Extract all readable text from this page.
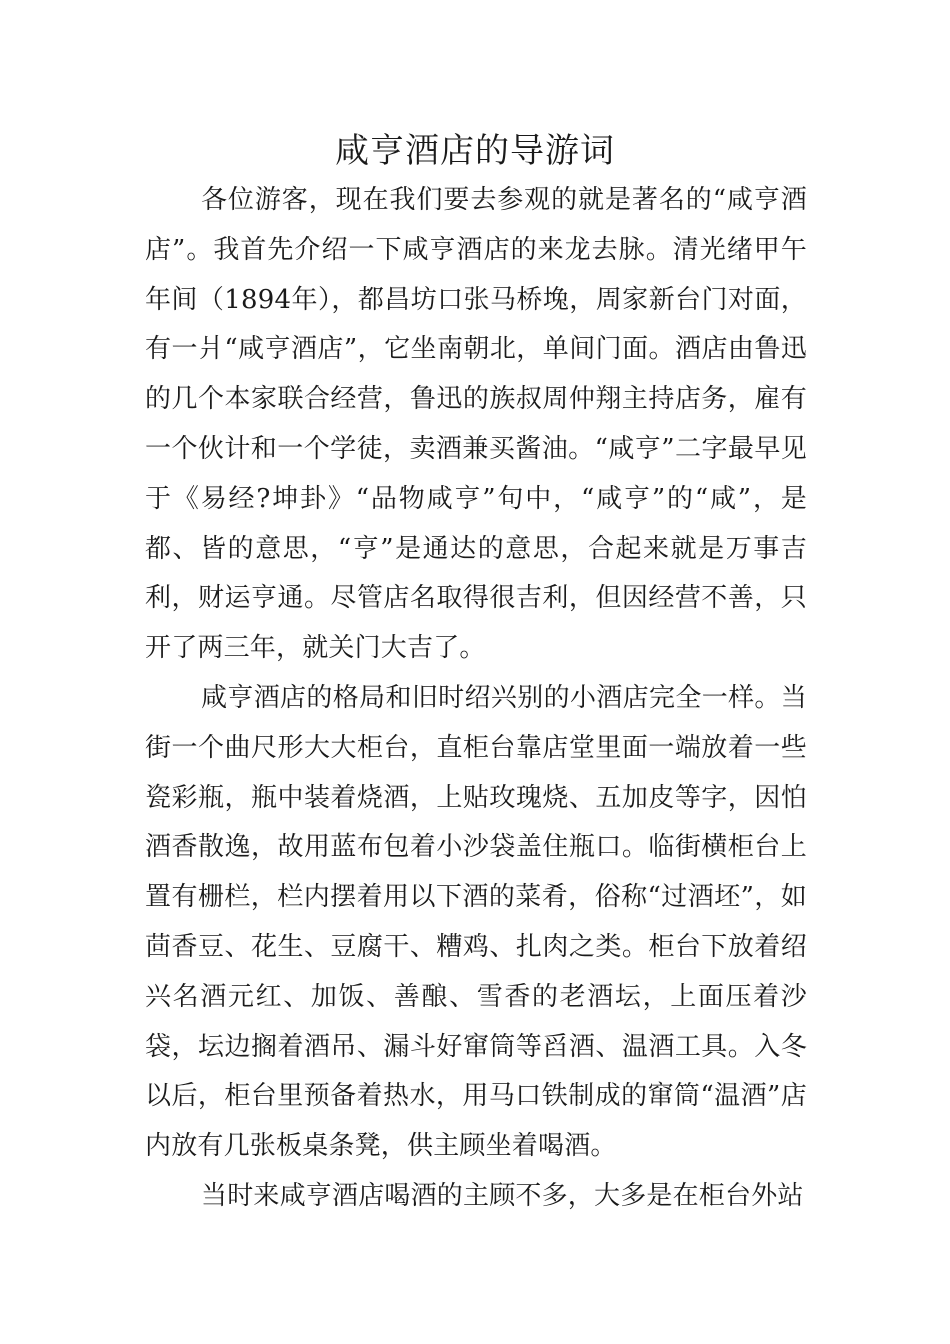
咸亨酒店的导游词

各位游客，现在我们要去参观的就是著名的“咸亨酒店”。我首先介绍一下咸亨酒店的来龙去脉。清光绪甲午年间（1894年），都昌坊口张马桥堍，周家新台门对面，有一爿“咸亨酒店”，它坐南朝北，单间门面。酒店由鲁迅的几个本家联合经营，鲁迅的族叔周仲翔主持店务，雇有一个伙计和一个学徒，卖酒兼买酱油。“咸亨”二字最早见于《易经?坤卦》“品物咸亨”句中，“咸亨”的“咸”，是都、皆的意思，“亨”是通达的意思，合起来就是万事吉利，财运亨通。尽管店名取得很吉利，但因经营不善，只开了两三年，就关门大吉了。

咸亨酒店的格局和旧时绍兴别的小酒店完全一样。当街一个曲尺形大大柜台，直柜台靠店堂里面一端放着一些瓷彩瓶，瓶中装着烧酒，上贴玫瑰烧、五加皮等字，因怕酒香散逸，故用蓝布包着小沙袋盖住瓶口。临街横柜台上置有栅栏，栏内摆着用以下酒的菜肴，俗称“过酒坯”，如茴香豆、花生、豆腐干、糟鸡、扎肉之类。柜台下放着绍兴名酒元红、加饭、善酿、雪香的老酒坛，上面压着沙袋，坛边搁着酒吊、漏斗好窜筒等舀酒、温酒工具。入冬以后，柜台里预备着热水，用马口铁制成的窜筒“温酒”店内放有几张板桌条凳，供主顾坐着喝酒。

当时来咸亨酒店喝酒的主顾不多，大多是在柜台外站
